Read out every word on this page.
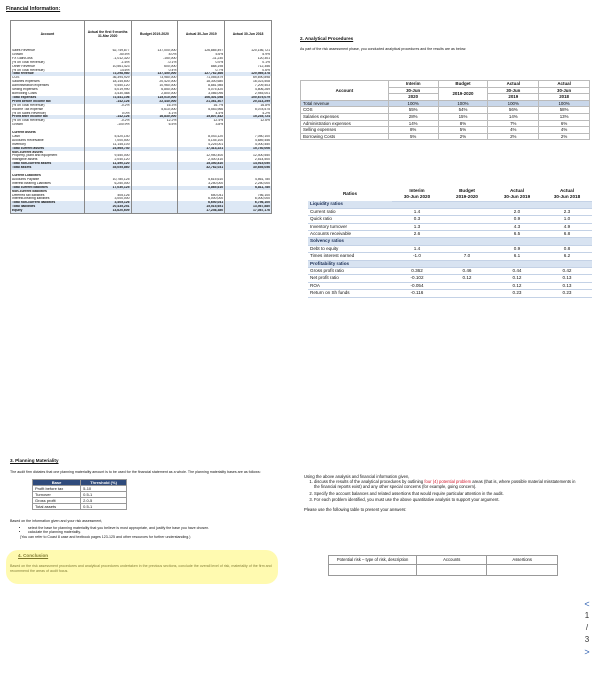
Financial Information:
Account	Actual the first 9 months 31-Mar 2020	Budget 2019-2020	Actual 30-Jun 2019	Actual 30-Jun 2018
Sales Revenue	62,749,877	137,000,000	126,885,497	120,156,721
Growth	-50.5%	8.0%	5.6%	5.9%
FX Gain/Loss	-1,012,320	-150,000	-11,230	120,301
(% on Total Revenue)	-1.6%	-0.1%	0.0%	0.1%
Other Revenue	10,561,423	600,000	888,198	712,356
(% on Total Revenue)	14.6%	0.4%	0.7%	0.6%
Total revenue	72,298,980	137,450,000	127,762,466	120,989,378
COS	36,394,929	73,980,000	71,055,879	69,690,898
Salaries expenses	18,145,600	20,420,000	18,300,680	16,023,508
Administration expenses	9,450,120	10,960,000	8,881,985	7,209,403
Selling expenses	5,019,990	6,850,000	5,075,420	4,806,269
Borrowing Costs	3,430,468	2,800,000	3,086,096	2,945,001
Total expenses	72,441,106	115,010,000	106,401,058	100,675,079
Profit before income tax	-142,126	22,440,000	21,361,407	20,314,299
(% on Total Revenue)	-0.2%	16.3%	16.7%	16.8%
Income Tax expense		5,610,000	5,553,966	5,078,575
(% on Sales Revenue)	0.0%	4.1%	4.4%	4.2%
Profit after income tax	-142,126	16,830,000	15,807,442	15,235,724
(% on Total Revenue)	-0.2%	12.2%	12.4%	12.6%
Growth	-100.9%	6.5%	3.8%	

Current assets				
Cash	5,420,140		8,043,120	7,050,100
Accounts Receivable	7,000,500		5,145,100	4,689,456
Inventory	11,145,100		4,225,001	4,000,450
Total current assets	23,565,740		17,413,221	15,740,006
Non-current assets				
Property, plant and equipment	9,450,000		12,950,400	12,400,550
Intangible assets	2,040,120		2,400,410	2,514,500
Total non-current assets	11,490,120		15,350,810	14,915,050
Total assets	35,055,860		32,762,031	30,655,056

Current Liabilities				
Accounts Payable	10,780,125		5,615,610	4,561,780
Interest Bearing Liabilities	6,250,000		3,250,000	2,250,000
Total current liabilities	17,030,125		8,865,610	6,811,780
Non-current liabilities				
Deferred tax liabilities	405,126		650,041	756,100
Interest-bearing liabilities	3,000,000		6,000,000	6,000,000
Total non-current liabilities	3,405,126		6,650,041	6,756,100
Total liabilities	20,435,251		15,515,651	13,567,880
Equity	14,620,609		17,246,380	17,087,176
3. Planning Materiality
The audit firm dictates that one planning materiality amount is to be used for the financial statement as a whole. The planning materiality bases are as follows:
Base	Threshold (%)
Profit before tax	5-10
Turnover	0.5-1
Gross profit	2.0-5
Total assets	0.5-1
Based on the information given and your risk assessment,
• select the base for planning materiality that you believe is most appropriate, and justify the base you have chosen.
• calculate the planning materiality.
(You can refer to Coast 8 case and textbook pages 123-125 and other resources for further understanding.)
4. Conclusion
Based on the risk assessment procedures and analytical procedures undertaken in the previous sections, conclude the overall level of risk, materiality of the firm and recommend the areas of audit focus.
2. Analytical Procedures
As part of the risk assessment phase, you conducted analytical procedures and the results are as below:
Account	Interim	Budget	Actual	Actual
	30-Jun	2019-2020	30-Jun	30-Jun
	2020		2019	2018
Total revenue	100%	100%	100%	100%
COS	55%	54%	56%	58%
Salaries expenses	28%	15%	14%	13%
Administration expenses	14%	8%	7%	6%
Selling expenses	8%	5%	4%	4%
Borrowing Costs	5%	2%	2%	2%
Ratios	Interim	Budget	Actual	Actual
	30-Jun 2020	2019-2020	30-Jun 2019	30-Jun 2018
Liquidity ratios				
Current ratio	1.4		2.0	2.3
Quick ratio	0.3		0.9	1.0
Inventory turnover	1.3		4.3	4.9
Accounts receivable	2.6		6.5	6.8
Solvency ratios				
Debt to equity	1.4		0.9	0.8
Times interest earned	-1.0	7.0	6.1	6.2
Profitability ratios				
Gross profit ratio	0.362	0.46	0.44	0.42
Net profit ratio	-0.102	0.12	0.12	0.13
ROA	-0.054		0.12	0.13
Return on Sh funds	-0.116		0.23	0.23
Using the above analysis and financial information given,
1. discuss the results of the analytical procedures by outlining four (4) potential problem areas (that is, where possible material misstatements in the financial reports exist) and any other special concerns (for example, going concern).
2. Specify the account balances and related assertions that would require particular attention in the audit.
3. For each problem identified, you must use the above quantitative analysis to support your argument.
Please use the following table to present your answers:
Potential risk – type of risk, description	Accounts	Assertions

<
1
/
3
>
